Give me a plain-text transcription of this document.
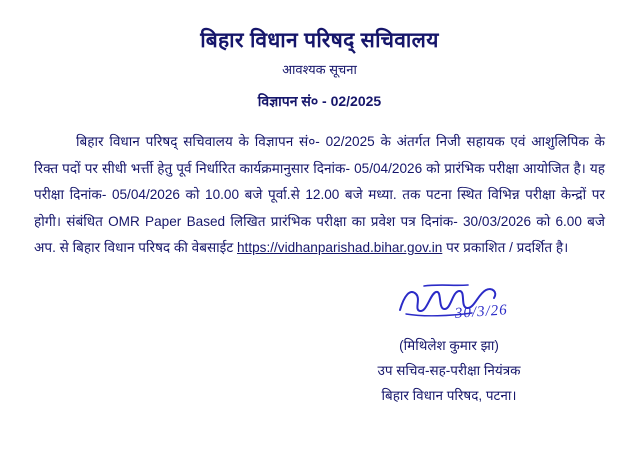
बिहार विधान परिषद् सचिवालय
आवश्यक सूचना
विज्ञापन सं० - 02/2025
बिहार विधान परिषद् सचिवालय के विज्ञापन सं०- 02/2025 के अंतर्गत निजी सहायक एवं आशुलिपिक के रिक्त पदों पर सीधी भर्त्ती हेतु पूर्व निर्धारित कार्यक्रमानुसार दिनांक- 05/04/2026 को प्रारंभिक परीक्षा आयोजित है। यह परीक्षा दिनांक- 05/04/2026 को 10.00 बजे पूर्वा.से 12.00 बजे मध्या. तक पटना स्थित विभिन्न परीक्षा केन्द्रों पर होगी। संबंधित OMR Paper Based लिखित प्रारंभिक परीक्षा का प्रवेश पत्र दिनांक- 30/03/2026 को 6.00 बजे अप. से बिहार विधान परिषद की वेबसाईट https://vidhanparishad.bihar.gov.in पर प्रकाशित / प्रदर्शित है।
30/3/26
(मिथिलेश कुमार झा)
उप सचिव-सह-परीक्षा नियंत्रक
बिहार विधान परिषद, पटना।
